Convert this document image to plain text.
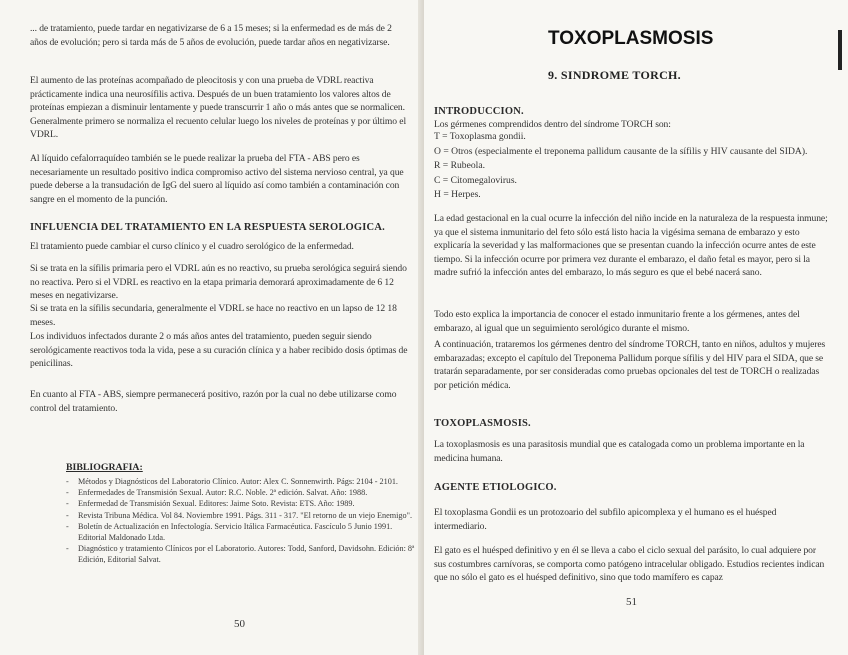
... de tratamiento, puede tardar en negativizarse de 6 a 15 meses; si la enfermedad es de más de 2 años de evolución; pero si tarda más de 5 años de evolución, puede tardar años en negativizarse.

El aumento de las proteínas acompañado de pleocitosis y con una prueba de VDRL reactiva prácticamente indica una neurosífilis activa. Después de un buen tratamiento los valores altos de proteínas empiezan a disminuir lentamente y puede transcurrir 1 año o más antes que se normalicen. Generalmente primero se normaliza el recuento celular luego los niveles de proteínas y por último el VDRL.

Al líquido cefalorraquídeo también se le puede realizar la prueba del FTA - ABS pero es necesariamente un resultado positivo indica compromiso activo del sistema nervioso central, ya que puede deberse a la transudación de IgG del suero al líquido así como también a contaminación con sangre en el momento de la punción.

INFLUENCIA DEL TRATAMIENTO EN LA RESPUESTA SEROLOGICA.

El tratamiento puede cambiar el curso clínico y el cuadro serológico de la enfermedad.

Si se trata en la sífilis primaria pero el VDRL aún es no reactivo, su prueba serológica seguirá siendo no reactiva. Pero si el VDRL es reactivo en la etapa primaria demorará aproximadamente de 6 12 meses en negativizarse.

Si se trata en la sífilis secundaria, generalmente el VDRL se hace no reactivo en un lapso de 12 18 meses.

Los individuos infectados durante 2 o más años antes del tratamiento, pueden seguir siendo serológicamente reactivos toda la vida, pese a su curación clínica y a haber recibido dosis óptimas de penicilinas.

En cuanto al FTA - ABS, siempre permanecerá positivo, razón por la cual no debe utilizarse como control del tratamiento.

BIBLIOGRAFIA:
- Métodos y Diagnósticos del Laboratorio Clínico. Autor: Alex C. Sonnenwirth. Págs: 2104 - 2101.
- Enfermedades de Transmisión Sexual. Autor: R.C. Noble. 2ª edición. Salvat. Año: 1988.
- Enfermedad de Transmisión Sexual. Editores: Jaime Soto. Revista: ETS. Año: 1989.
- Revista Tribuna Médica. Vol 84. Noviembre 1991. Págs. 311 - 317. "El retorno de un viejo Enemigo".
- Boletín de Actualización en Infectología. Servicio Itálica Farmacéutica. Fascículo 5 Junio 1991. Editorial Maldonado Ltda.
- Diagnóstico y tratamiento Clínicos por el Laboratorio. Autores: Todd, Sanford, Davidsohn. Edición: 8ª Edición, Editorial Salvat.

50

TOXOPLASMOSIS
9. SINDROME TORCH.
INTRODUCCION.

Los gérmenes comprendidos dentro del síndrome TORCH son:

T = Toxoplasma gondii.
O = Otros (especialmente el treponema pallidum causante de la sífilis y HIV causante del SIDA).
R = Rubeola.
C = Citomegalovirus.
H = Herpes.

La edad gestacional en la cual ocurre la infección del niño incide en la naturaleza de la respuesta inmune; ya que el sistema inmunitario del feto sólo está listo hacia la vigésima semana de embarazo y esto explicaría la severidad y las malformaciones que se presentan cuando la infección ocurre antes de este tiempo. Si la infección ocurre por primera vez durante el embarazo, el daño fetal es mayor, pero si la madre sufrió la infección antes del embarazo, lo más seguro es que el bebé nacerá sano.

Todo esto explica la importancia de conocer el estado inmunitario frente a los gérmenes, antes del embarazo, al igual que un seguimiento serológico durante el mismo.

A continuación, trataremos los gérmenes dentro del síndrome TORCH, tanto en niños, adultos y mujeres embarazadas; excepto el capítulo del Treponema Pallidum porque sífilis y del HIV para el SIDA, que se tratarán separadamente, por ser consideradas como pruebas opcionales del test de TORCH o realizadas por petición médica.

TOXOPLASMOSIS.

La toxoplasmosis es una parasitosis mundial que es catalogada como un problema importante en la medicina humana.

AGENTE ETIOLOGICO.

El toxoplasma Gondii es un protozoario del subfilo apicomplexa y el humano es el huésped intermediario.

El gato es el huésped definitivo y en él se lleva a cabo el ciclo sexual del parásito, lo cual adquiere por sus costumbres carnívoras, se comporta como patógeno intracelular obligado. Estudios recientes indican que no sólo el gato es el huésped definitivo, sino que todo mamífero es capaz

51
